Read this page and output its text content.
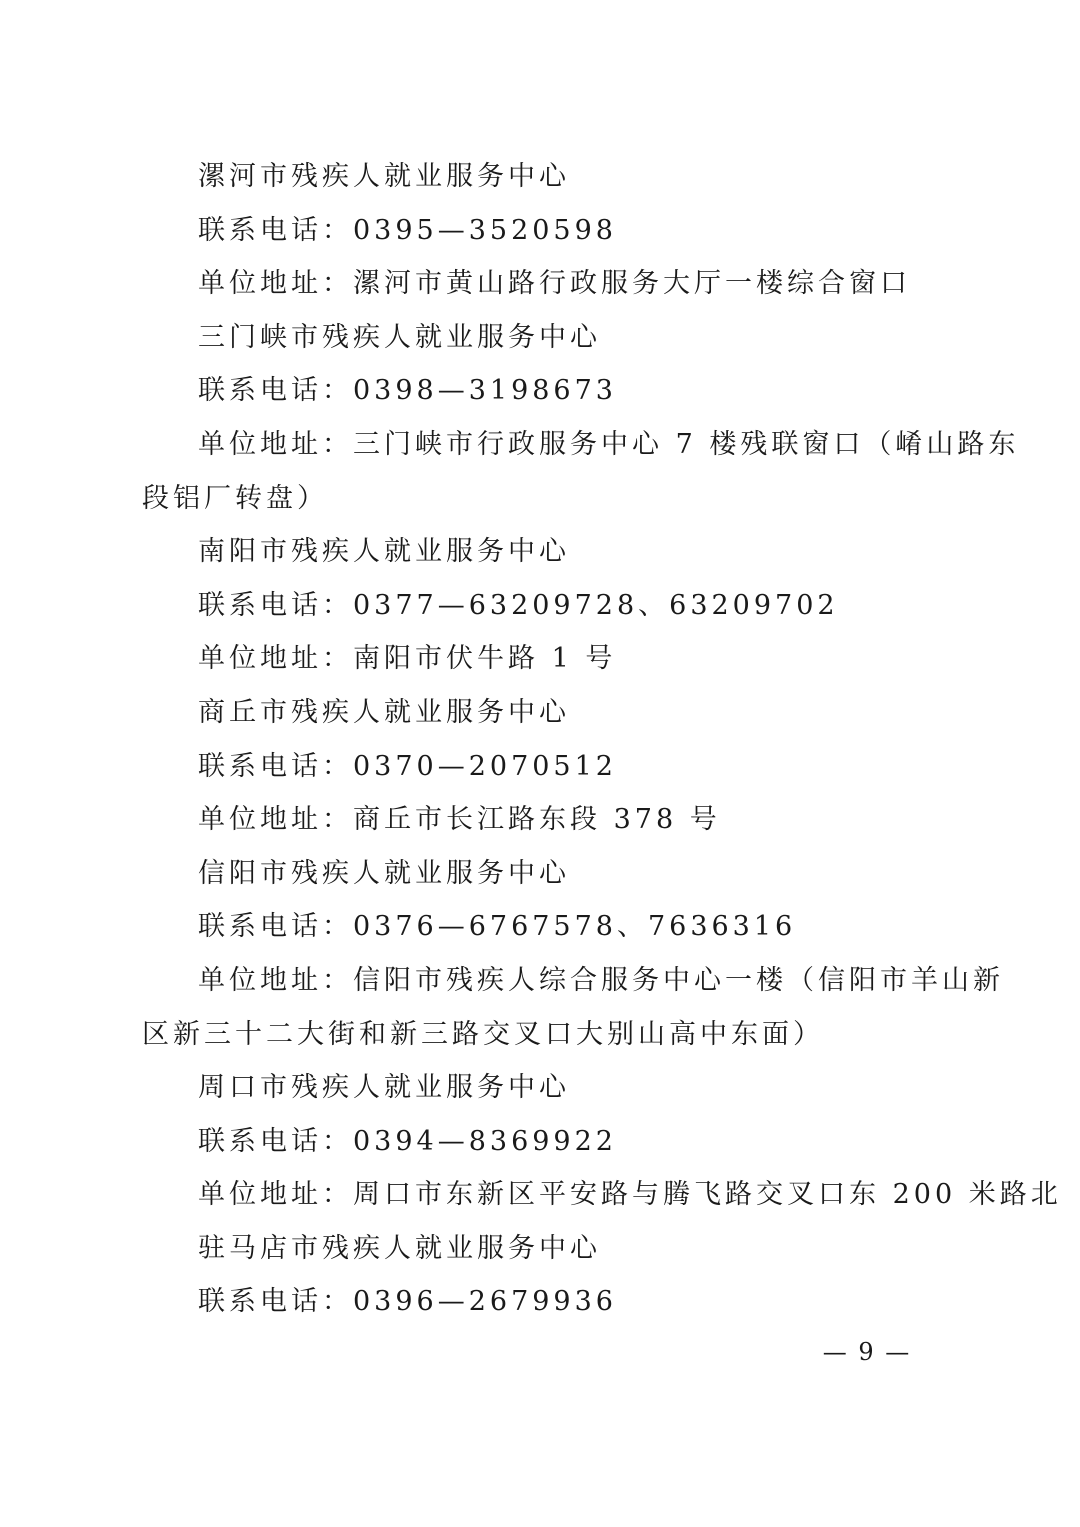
漯河市残疾人就业服务中心
联系电话：0395—3520598
单位地址：漯河市黄山路行政服务大厅一楼综合窗口
三门峡市残疾人就业服务中心
联系电话：0398—3198673
单位地址：三门峡市行政服务中心 7 楼残联窗口（崤山路东
段铝厂转盘）
南阳市残疾人就业服务中心
联系电话：0377—63209728、63209702
单位地址：南阳市伏牛路 1 号
商丘市残疾人就业服务中心
联系电话：0370—2070512
单位地址：商丘市长江路东段 378 号
信阳市残疾人就业服务中心
联系电话：0376—6767578、7636316
单位地址：信阳市残疾人综合服务中心一楼（信阳市羊山新
区新三十二大街和新三路交叉口大别山高中东面）
周口市残疾人就业服务中心
联系电话：0394—8369922
单位地址：周口市东新区平安路与腾飞路交叉口东 200 米路北
驻马店市残疾人就业服务中心
联系电话：0396—2679936
— 9 —
